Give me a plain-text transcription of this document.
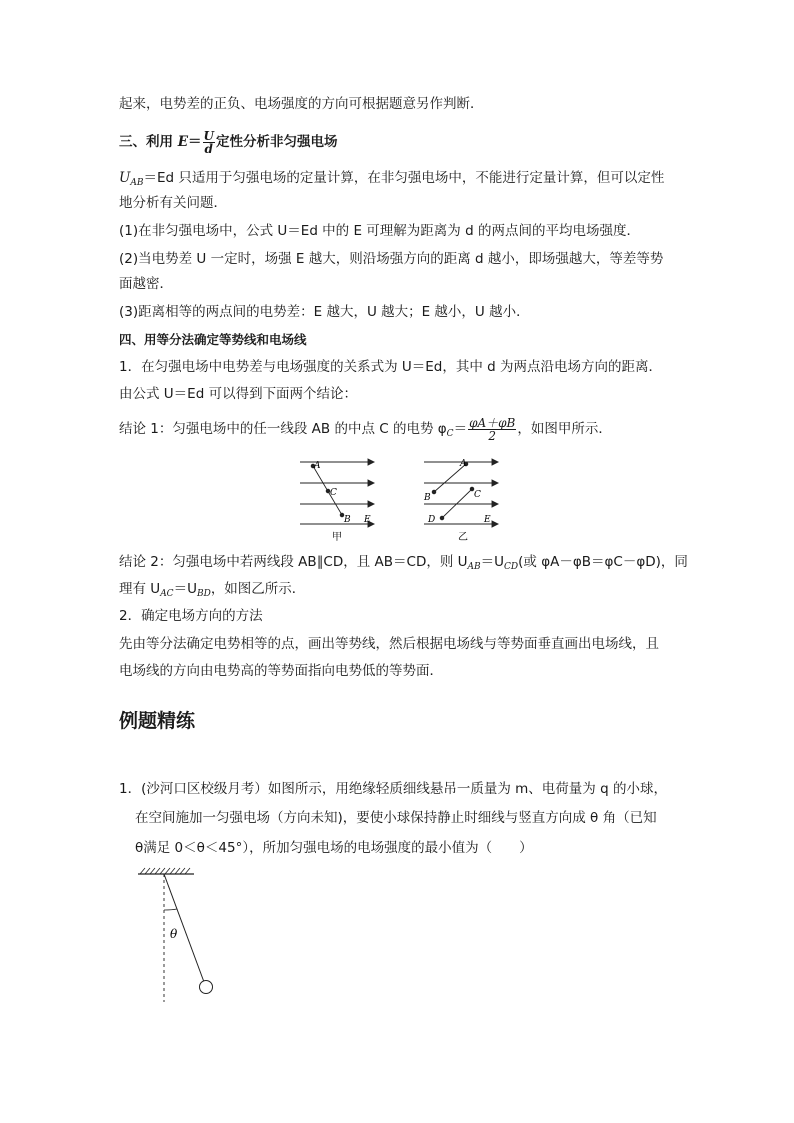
起来，电势差的正负、电场强度的方向可根据题意另作判断．
三、利用 $E= \frac{U}{d}$ 定性分析非匀强电场
$U_{AB}=Ed$ 只适用于匀强电场的定量计算，在非匀强电场中，不能进行定量计算，但可以定性
地分析有关问题．
(1)在非匀强电场中，公式 U＝Ed 中的 E 可理解为距离为 d 的两点间的平均电场强度．
(2)当电势差 U 一定时，场强 E 越大，则沿场强方向的距离 d 越小，即场强越大，等差等势
面越密．
(3)距离相等的两点间的电势差：E 越大，U 越大；E 越小，U 越小．
四、用等分法确定等势线和电场线
1．在匀强电场中电势差与电场强度的关系式为 U＝Ed，其中 d 为两点沿电场方向的距离．
由公式 U＝Ed 可以得到下面两个结论：
结论 1：匀强电场中的任一线段 AB 的中点 C 的电势 $\varphi_C= \frac{\varphi A+\varphi B}{2}$ ，如图甲所示．
A
C
B E
甲
A
B	C
D	E
乙
结论 2：匀强电场中若两线段 AB∥CD，且 AB＝CD，则 $U_{AB}=U_{CD}$(或 φA－φB＝φC－φD)，同
理有 $U_{AC}=U_{BD}$，如图乙所示．
2．确定电场方向的方法
先由等分法确定电势相等的点，画出等势线，然后根据电场线与等势面垂直画出电场线，且
电场线的方向由电势高的等势面指向电势低的等势面．
例题精练
1．(沙河口区校级月考）如图所示，用绝缘轻质细线悬吊一质量为 m、电荷量为 q 的小球，
在空间施加一匀强电场（方向未知)，要使小球保持静止时细线与竖直方向成 θ 角（已知
θ满足 0＜θ＜45°），所加匀强电场的电场强度的最小值为（　　）
θ
